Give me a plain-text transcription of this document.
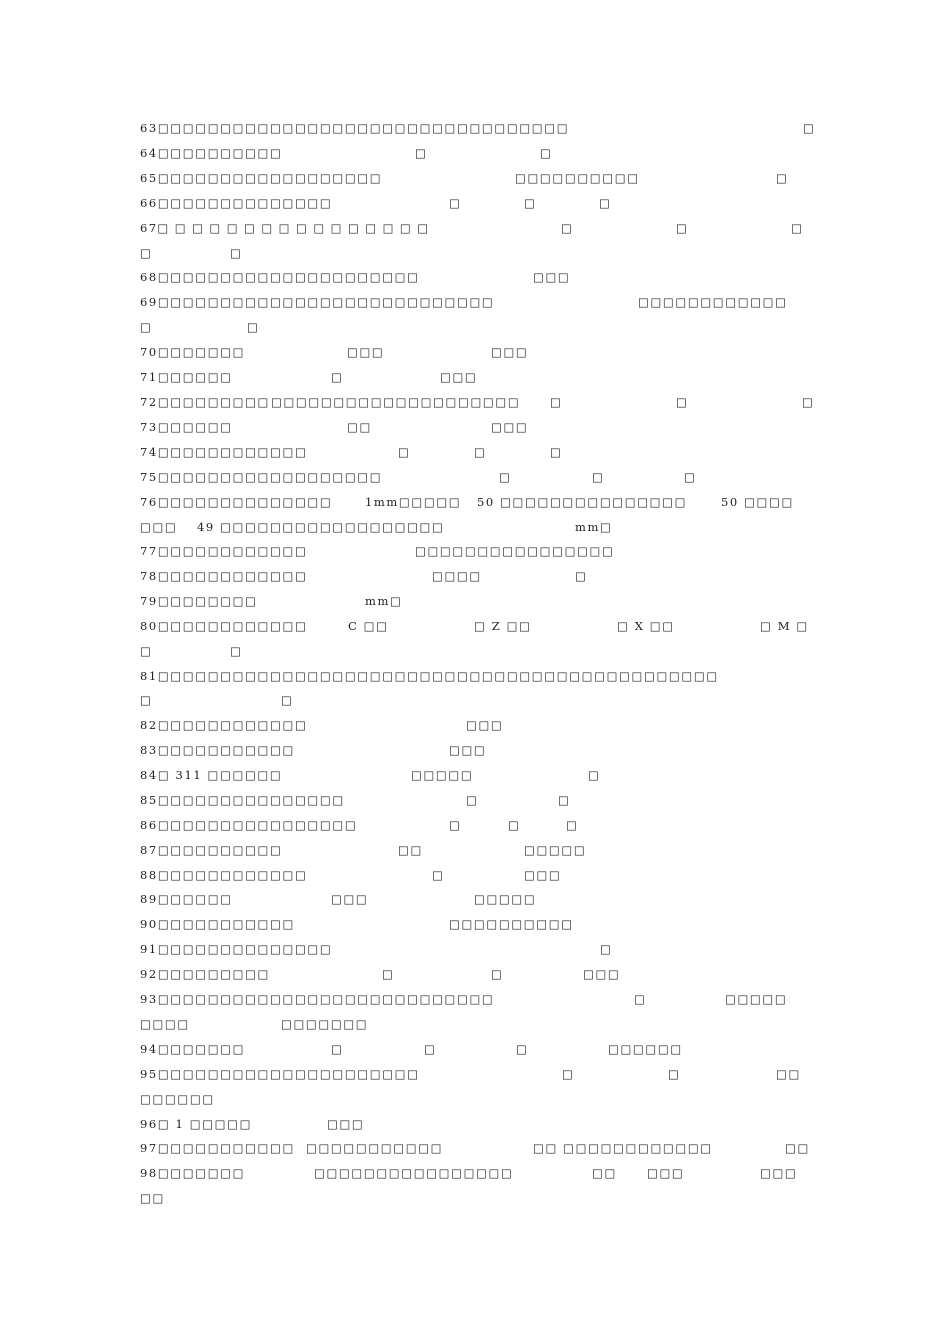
63□□□□□□□□□□□□□□□□□□□□□□□□□□□□□□□□□	□
64□□□□□□□□□□	□	□
65□□□□□□□□□□□□□□□□□□	□□□□□□□□□□	□
66□□□□□□□□□□□□□□	□	□	□
67□ □ □ □ □ □ □ □ □ □ □ □ □ □ □ □	□	□	□
□	□
68□□□□□□□□□□□□□□□□□□□□□	□□□
69□□□□□□□□□□□□□□□□□□□□□□□□□□□	□□□□□□□□□□□□
□	□
70□□□□□□□	□□□	□□□
71□□□□□□	□	□□□
72□□□□□□□□□ □□□□□□□□□□□□□□□□□□□□	□	□	□
73□□□□□□	□□	□□□
74□□□□□□□□□□□□	□	□	□
75□□□□□□□□□□□□□□□□□□	□	□	□
76□□□□□□□□□□□□□□	1mm□□□□□ 50 □□□□□□□□□□□□□□□	50 □□□□
□□□ 49 □□□□□□□□□□□□□□□□□□	mm□
77□□□□□□□□□□□□	□□□□□□□□□□□□□□□□
78□□□□□□□□□□□□	□□□□	□
79□□□□□□□□	mm□
80□□□□□□□□□□□□	C □□	□ Z □□	□ X □□	□ M □
□	□
81□□□□□□□□□□□□□□□□□□□□□□□□□□□□□□□□□□□□□□□□□□□□□
□	□
82□□□□□□□□□□□□	□□□
83□□□□□□□□□□□	□□□
84□ 311 □□□□□□	□□□□□	□
85□□□□□□□□□□□□□□□	□	□
86□□□□□□□□□□□□□□□□	□	□	□
87□□□□□□□□□□	□□	□□□□□
88□□□□□□□□□□□□	□	□□□
89□□□□□□	□□□	□□□□□
90□□□□□□□□□□□	□□□□□□□□□□
91□□□□□□□□□□□□□□	□
92□□□□□□□□□	□	□	□□□
93□□□□□□□□□□□□□□□□□□□□□□□□□□□	□	□□□□□
□□□□	□□□□□□□
94□□□□□□□	□	□	□	□□□□□□
95□□□□□□□□□□□□□□□□□□□□□	□	□	□□
□□□□□□
96□ 1 □□□□□	□□□
97□□□□□□□□□□□ □□□□□□□□□□□	□□ □□□□□□□□□□□□	□□
98□□□□□□□	□□□□□□□□□□□□□□□□	□□	□□□	□□□
□□
